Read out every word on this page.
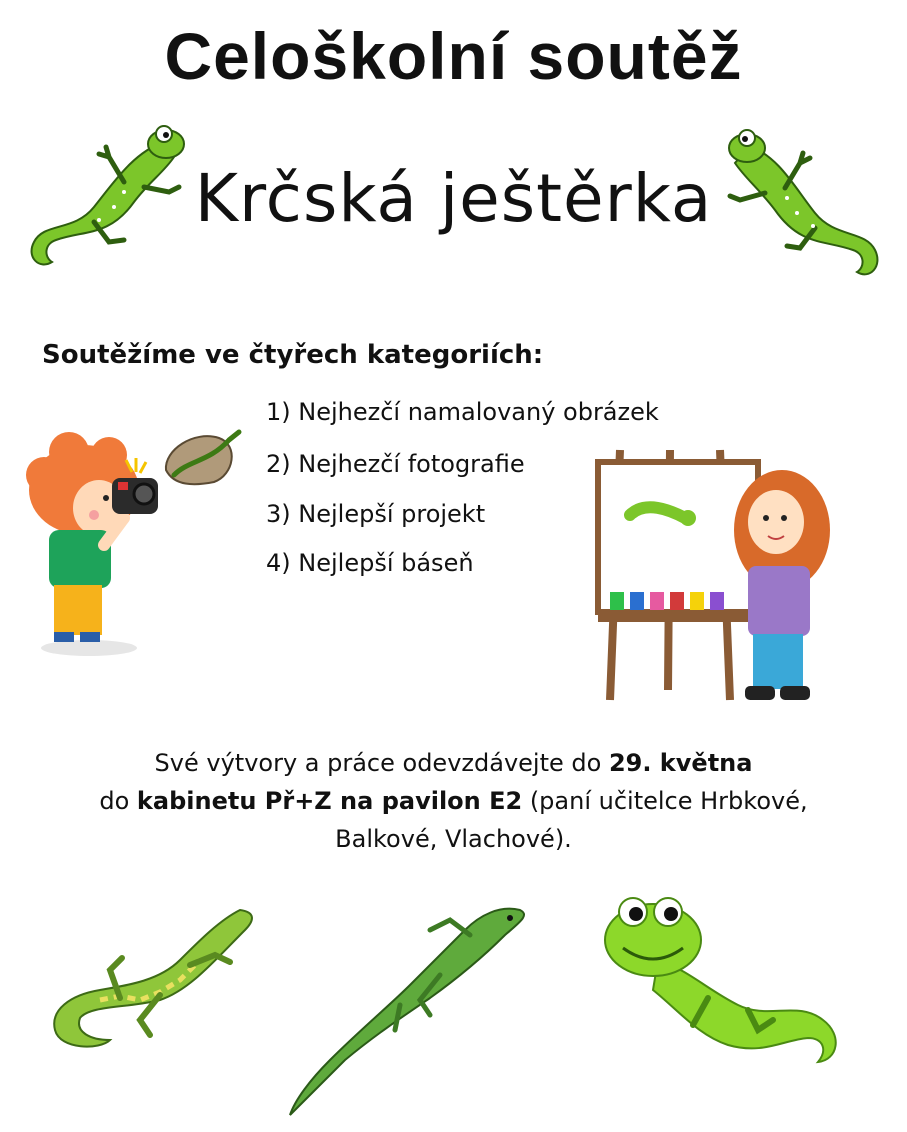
Celoškolní soutěž
Krčská ještěrka
Soutěžíme ve čtyřech kategoriích:
1) Nejhezčí namalovaný obrázek
2) Nejhezčí fotografie
3) Nejlepší projekt
4) Nejlepší báseň
Své výtvory a práce odevzdávejte do 29. května
do kabinetu Př+Z na pavilon E2 (paní učitelce Hrbkové,
Balkové, Vlachové).
